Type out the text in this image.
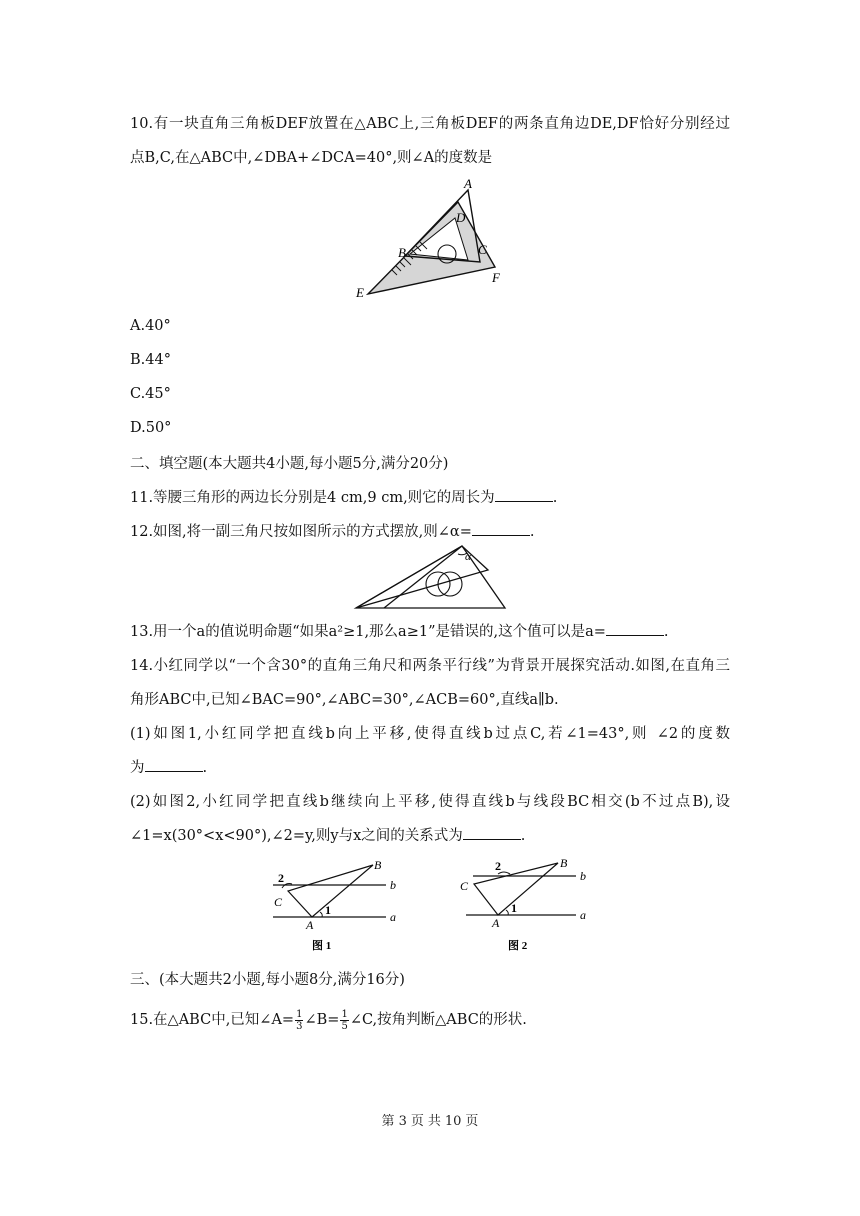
10.有一块直角三角板DEF放置在△ABC上,三角板DEF的两条直角边DE,DF恰好分别经过
点B,C,在△ABC中,∠DBA+∠DCA=40°,则∠A的度数是
A
D
B	C
E
F
A.40°
B.44°
C.45°
D.50°
二、填空题(本大题共4小题,每小题5分,满分20分)
11.等腰三角形的两边长分别是4 cm,9 cm,则它的周长为	.
12.如图,将一副三角尺按如图所示的方式摆放,则∠α=	.
α
13.用一个a的值说明命题“如果a²≥1,那么a≥1”是错误的,这个值可以是a=	.
14.小红同学以“一个含30°的直角三角尺和两条平行线”为背景开展探究活动.如图,在直角三
角形ABC中,已知∠BAC=90°,∠ABC=30°,∠ACB=60°,直线a∥b.
(1)如图1,小红同学把直线b向上平移,使得直线b过点C,若∠1=43°,则 ∠2的度数
为	.
(2)如图2,小红同学把直线b继续向上平移,使得直线b与线段BC相交(b不过点B),设
∠1=x(30°<x<90°),∠2=y,则y与x之间的关系式为	.
2
C
B
A
1
b
a
图 1
2
C
B
A
1
b
a
图 2
三、(本大题共2小题,每小题8分,满分16分)
15.在△ABC中,已知∠A= $\frac{1}{3}$ ∠B= $\frac{1}{5}$ ∠C,按角判断△ABC的形状.
第 3 页 共 10 页
